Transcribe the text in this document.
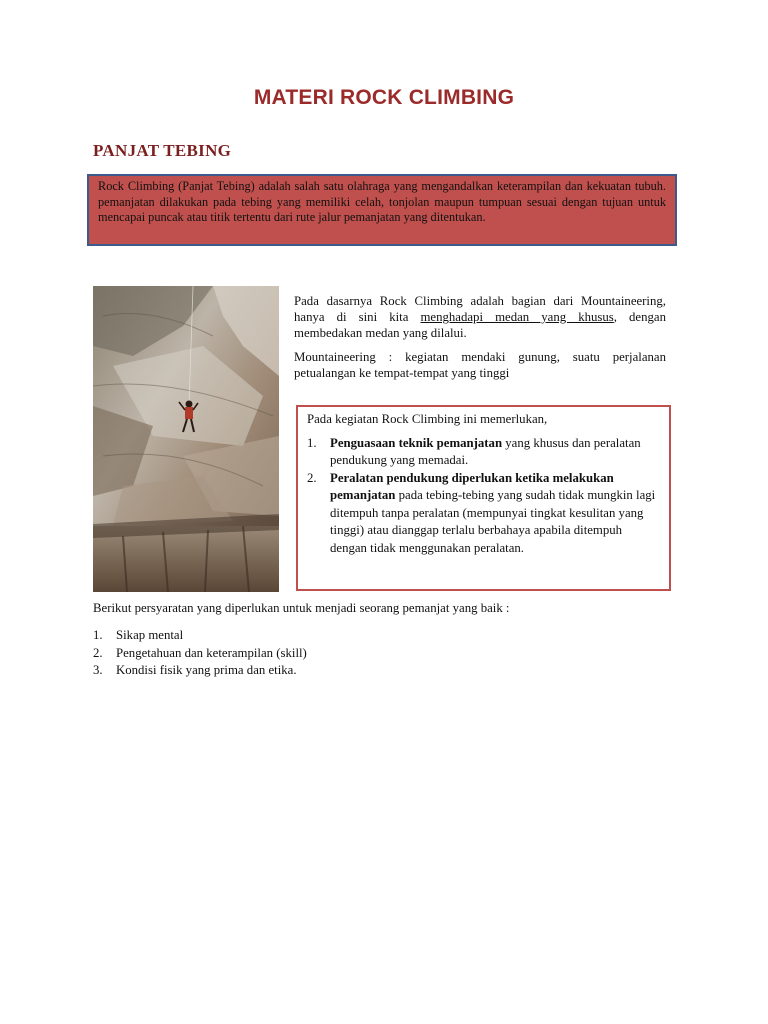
MATERI ROCK CLIMBING
PANJAT TEBING
Rock Climbing (Panjat Tebing) adalah salah satu olahraga yang mengandalkan keterampilan dan kekuatan tubuh. pemanjatan dilakukan pada tebing yang memiliki celah, tonjolan maupun tumpuan sesuai dengan tujuan untuk mencapai puncak atau titik tertentu dari rute jalur pemanjatan yang ditentukan.

Pada dasarnya Rock Climbing adalah bagian dari Mountaineering, hanya di sini kita menghadapi medan yang khusus, dengan membedakan medan yang dilalui.

Mountaineering : kegiatan mendaki gunung, suatu perjalanan petualangan ke tempat-tempat yang tinggi

Pada kegiatan Rock Climbing ini memerlukan,

1. Penguasaan teknik pemanjatan yang khusus dan peralatan pendukung yang memadai.
2. Peralatan pendukung diperlukan ketika melakukan pemanjatan pada tebing-tebing yang sudah tidak mungkin lagi ditempuh tanpa peralatan (mempunyai tingkat kesulitan yang tinggi) atau dianggap terlalu berbahaya apabila ditempuh dengan tidak menggunakan peralatan.
Berikut persyaratan yang diperlukan untuk menjadi seorang pemanjat yang baik :
1. Sikap mental
2. Pengetahuan dan keterampilan (skill)
3. Kondisi fisik yang prima dan etika.
